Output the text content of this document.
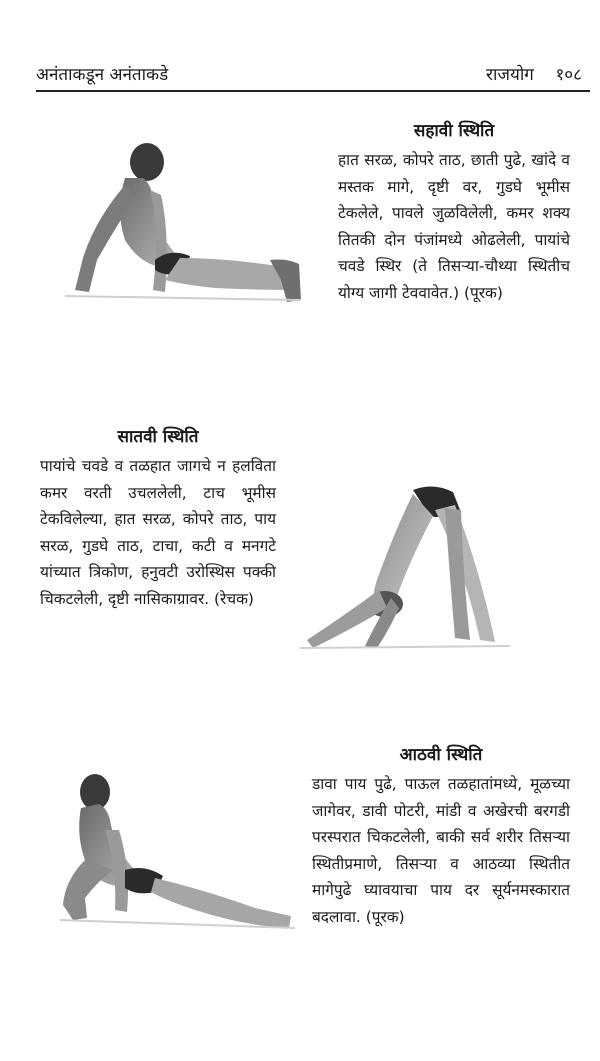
अनंताकडून अनंताकडे	राजयोग १०८

सहावी स्थिति

हात सरळ, कोपरे ताठ, छाती पुढे, खांदे व मस्तक मागे, दृष्टी वर, गुडघे भूमीस टेकलेले, पावले जुळविलेली, कमर शक्य तितकी दोन पंजांमध्ये ओढलेली, पायांचे चवडे स्थिर (ते तिसऱ्या-चौथ्या स्थितीच योग्य जागी टेववावेत.) (पूरक)

सातवी स्थिति

पायांचे चवडे व तळहात जागचे न हलविता कमर वरती उचललेली, टाच भूमीस टेकविलेल्या, हात सरळ, कोपरे ताठ, पाय सरळ, गुडघे ताठ, टाचा, कटी व मनगटे यांच्यात त्रिकोण, हनुवटी उरोस्थिस पक्की चिकटलेली, दृष्टी नासिकाग्रावर. (रेचक)

आठवी स्थिति

डावा पाय पुढे, पाऊल तळहातांमध्ये, मूळच्या जागेवर, डावी पोटरी, मांडी व अखेरची बरगडी परस्परात चिकटलेली, बाकी सर्व शरीर तिसऱ्या स्थितीप्रमाणे, तिसऱ्या व आठव्या स्थितीत मागेपुढे घ्यावयाचा पाय दर सूर्यनमस्कारात बदलावा. (पूरक)
